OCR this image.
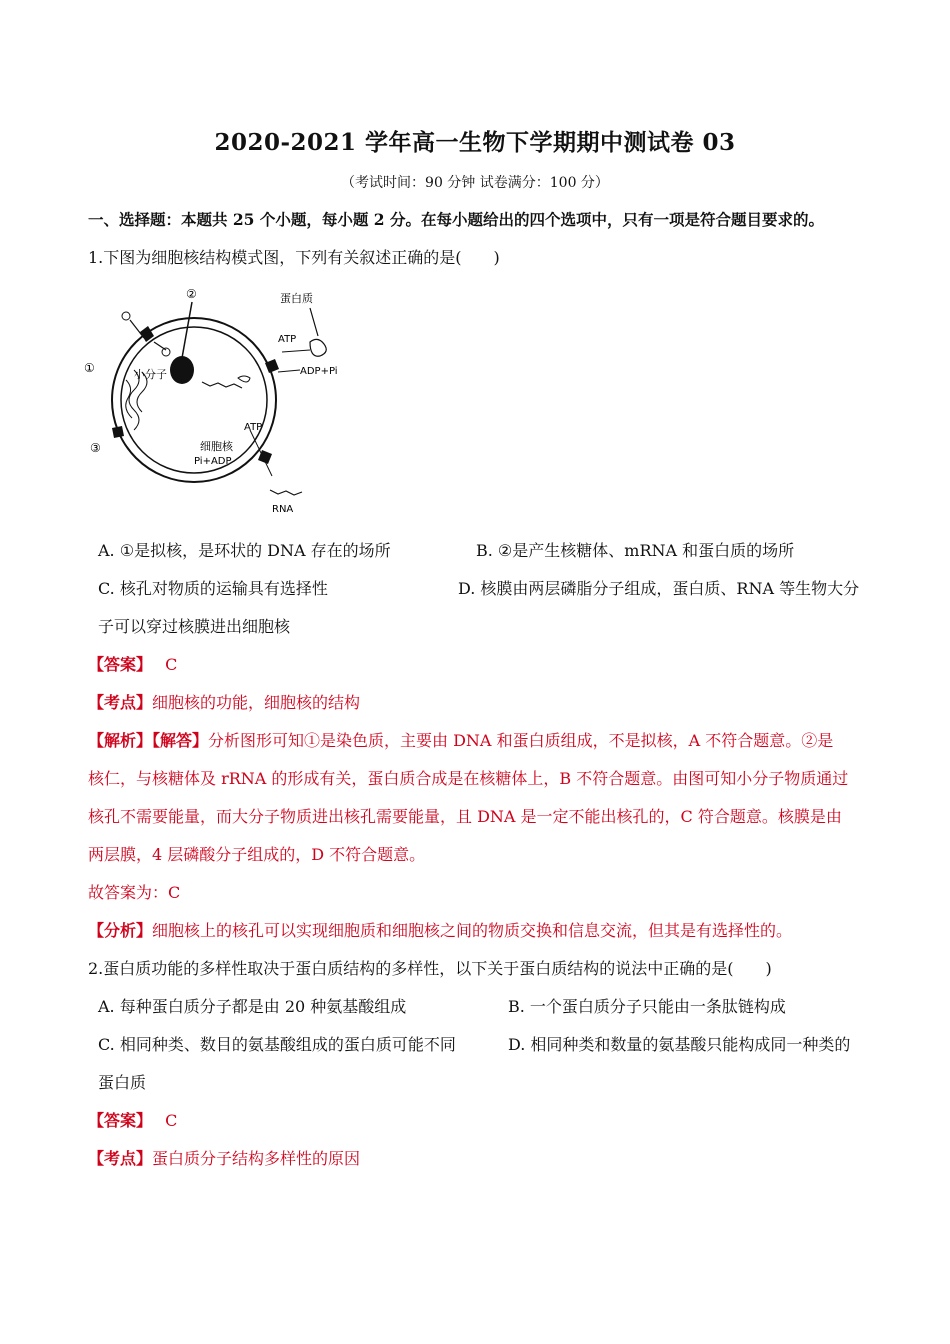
2020-2021 学年高一生物下学期期中测试卷 03
（考试时间：90 分钟 试卷满分：100 分）
一、选择题：本题共 25 个小题，每小题 2 分。在每小题给出的四个选项中，只有一项是符合题目要求的。
1.下图为细胞核结构模式图，下列有关叙述正确的是(　　)
②	蛋白质
ATP
ADP+Pi
①	小分子
ATP
细胞核
Pi+ADP
③
RNA
A. ①是拟核，是环状的 DNA 存在的场所	B. ②是产生核糖体、mRNA 和蛋白质的场所
C. 核孔对物质的运输具有选择性	D. 核膜由两层磷脂分子组成，蛋白质、RNA 等生物大分
子可以穿过核膜进出细胞核
【答案】 C
【考点】细胞核的功能，细胞核的结构
【解析】【解答】分析图形可知①是染色质，主要由 DNA 和蛋白质组成，不是拟核，A 不符合题意。②是
核仁，与核糖体及 rRNA 的形成有关，蛋白质合成是在核糖体上，B 不符合题意。由图可知小分子物质通过
核孔不需要能量，而大分子物质进出核孔需要能量，且 DNA 是一定不能出核孔的，C 符合题意。核膜是由
两层膜，4 层磷酸分子组成的，D 不符合题意。
故答案为：C
【分析】细胞核上的核孔可以实现细胞质和细胞核之间的物质交换和信息交流，但其是有选择性的。
2.蛋白质功能的多样性取决于蛋白质结构的多样性，以下关于蛋白质结构的说法中正确的是(　　)
A. 每种蛋白质分子都是由 20 种氨基酸组成	B. 一个蛋白质分子只能由一条肽链构成
C. 相同种类、数目的氨基酸组成的蛋白质可能不同	D. 相同种类和数量的氨基酸只能构成同一种类的
蛋白质
【答案】 C
【考点】蛋白质分子结构多样性的原因
